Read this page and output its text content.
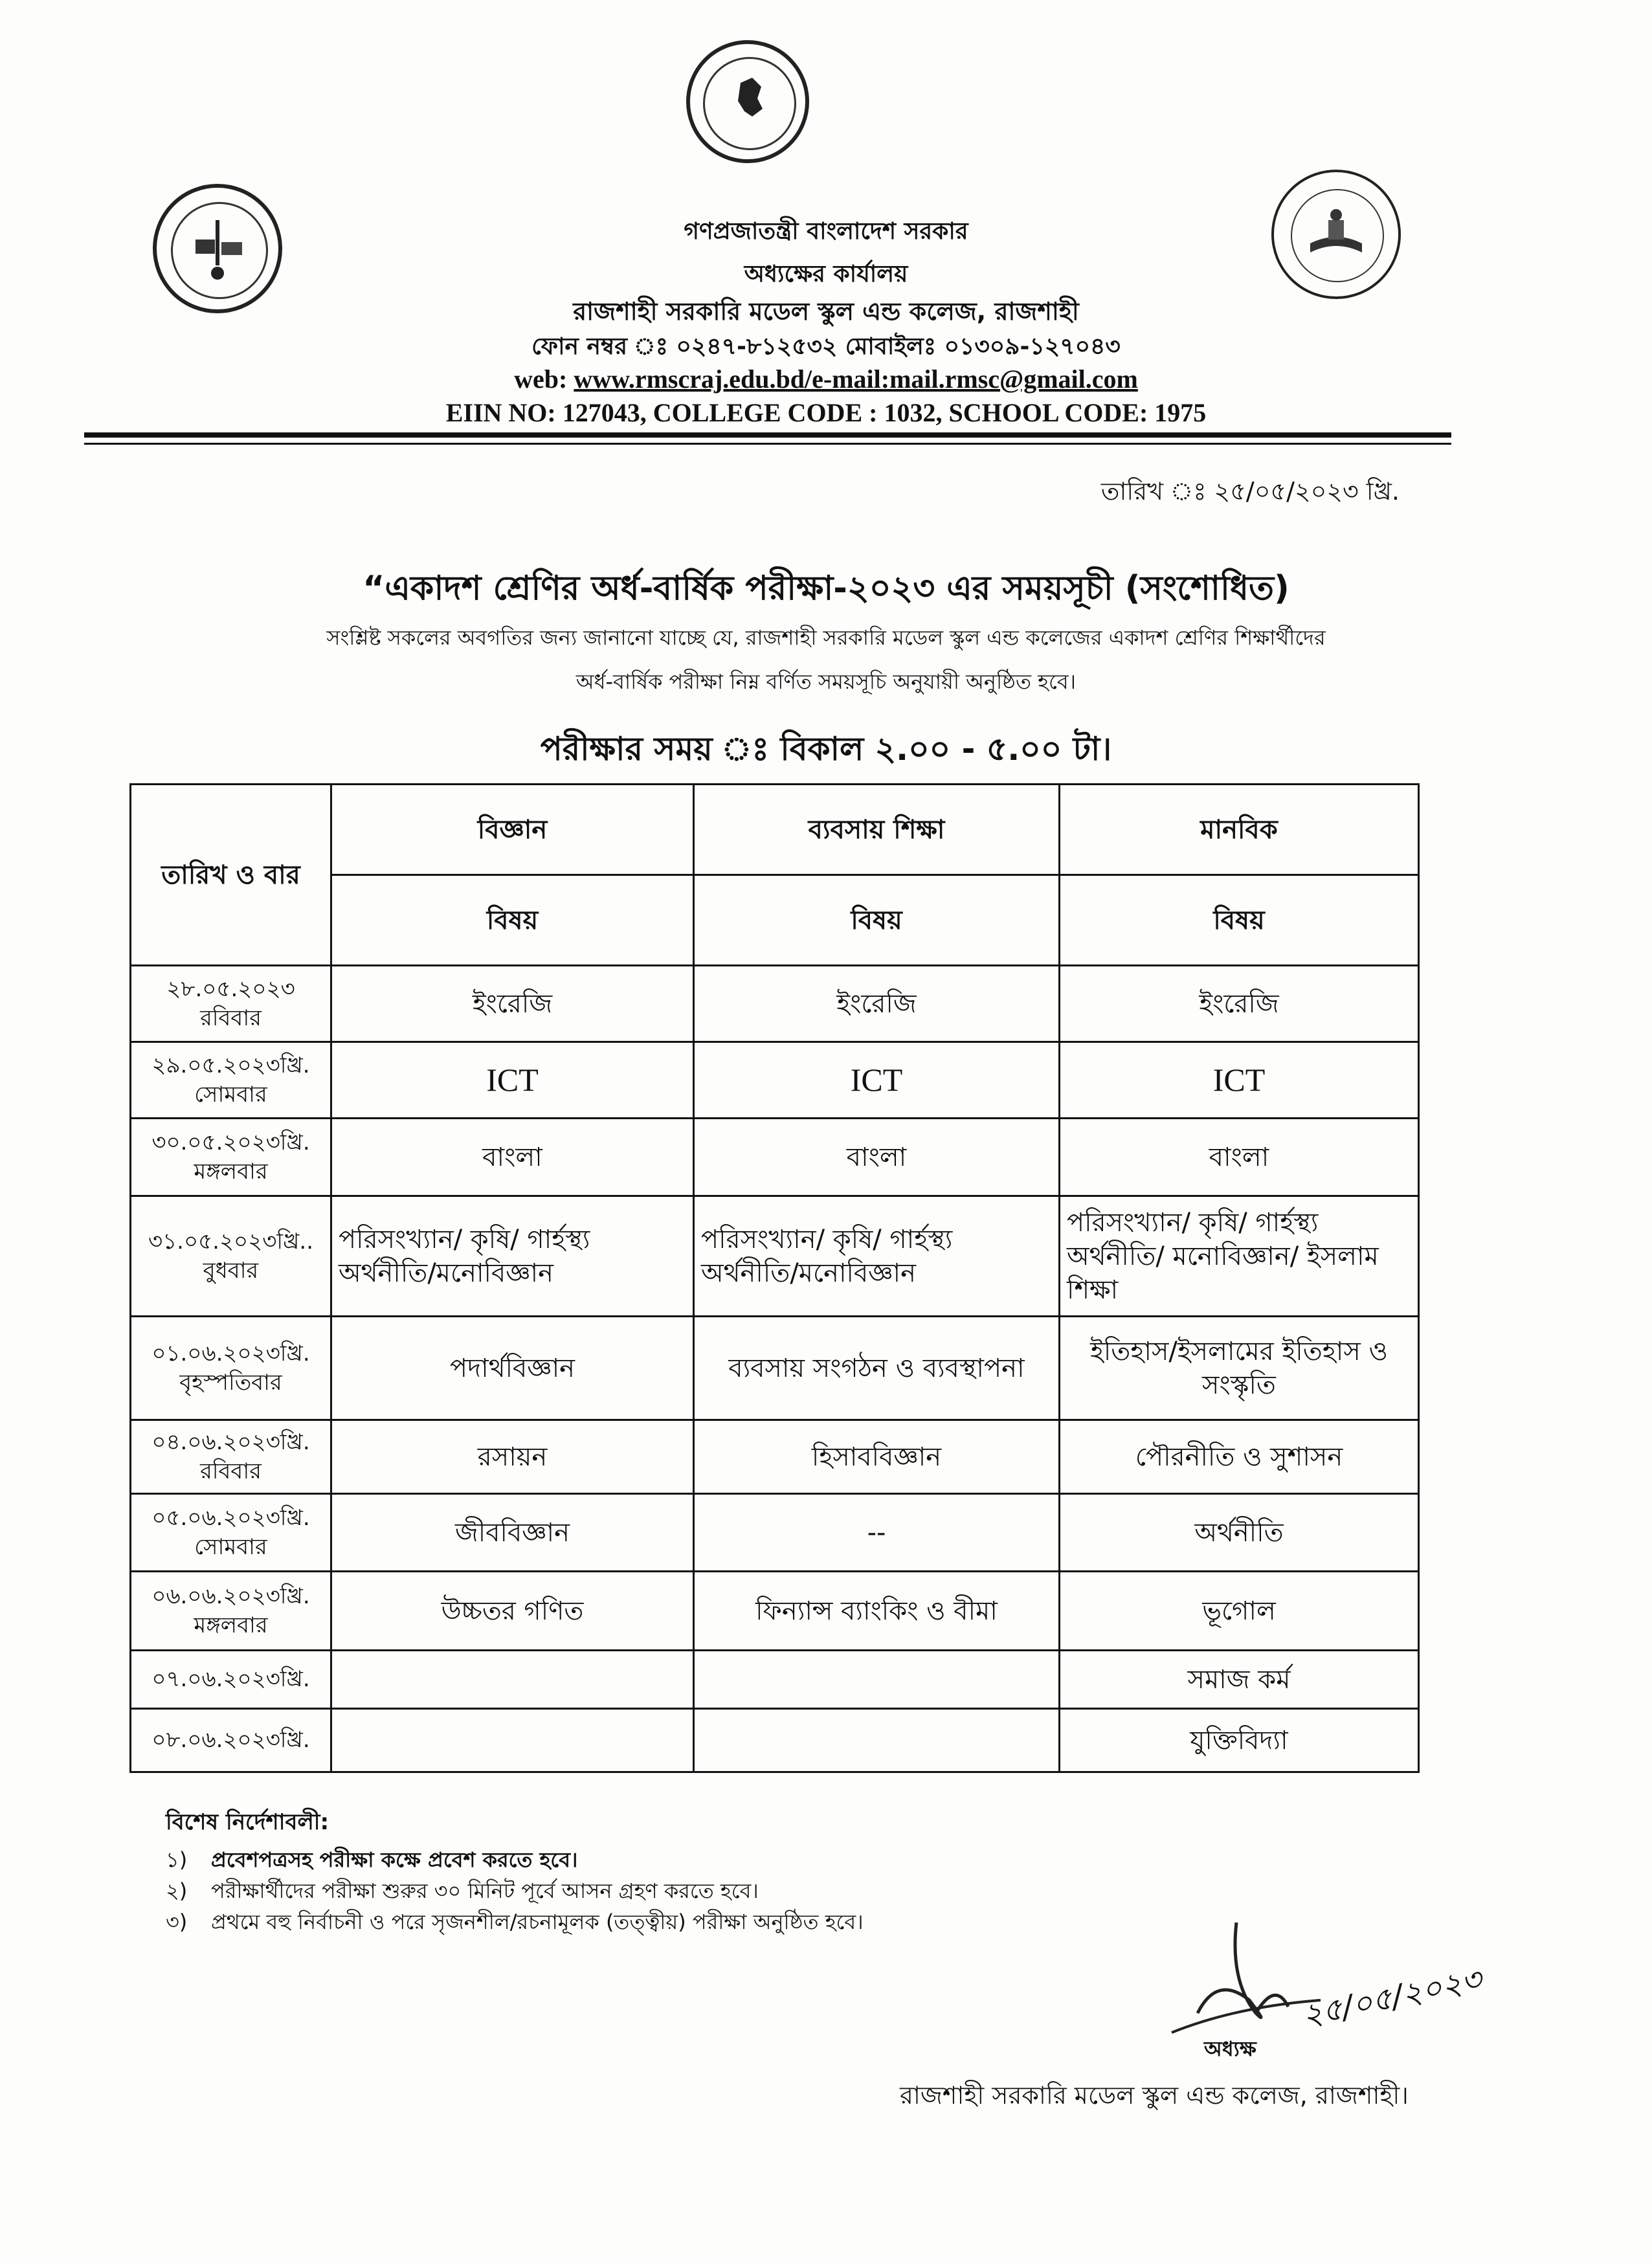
গণপ্রজাতন্ত্রী বাংলাদেশ সরকার
অধ্যক্ষের কার্যালয়
রাজশাহী সরকারি মডেল স্কুল এন্ড কলেজ, রাজশাহী
ফোন নম্বর ঃ ০২৪৭-৮১২৫৩২ মোবাইলঃ ০১৩০৯-১২৭০৪৩
web: www.rmscraj.edu.bd/e-mail:mail.rmsc@gmail.com
EIIN NO: 127043, COLLEGE CODE : 1032, SCHOOL CODE: 1975
তারিখ ঃ ২৫/০৫/২০২৩ খ্রি.
“একাদশ শ্রেণির অর্ধ-বার্ষিক পরীক্ষা-২০২৩ এর সময়সূচী (সংশোধিত)
সংশ্লিষ্ট সকলের অবগতির জন্য জানানো যাচ্ছে যে, রাজশাহী সরকারি মডেল স্কুল এন্ড কলেজের একাদশ শ্রেণির শিক্ষার্থীদের
অর্ধ-বার্ষিক পরীক্ষা নিম্ন বর্ণিত সময়সূচি অনুযায়ী অনুষ্ঠিত হবে।
পরীক্ষার সময় ঃ বিকাল ২.০০ - ৫.০০ টা।
তারিখ ও বার	বিজ্ঞান	ব্যবসায় শিক্ষা	মানবিক
	বিষয়	বিষয়	বিষয়

২৮.০৫.২০২৩
রবিবার	ইংরেজি	ইংরেজি	ইংরেজি

২৯.০৫.২০২৩খ্রি.
সোমবার	ICT	ICT	ICT

৩০.০৫.২০২৩খ্রি.
মঙ্গলবার	বাংলা	বাংলা	বাংলা

৩১.০৫.২০২৩খ্রি..
বুধবার	পরিসংখ্যান/ কৃষি/ গার্হস্থ্য অর্থনীতি/মনোবিজ্ঞান	পরিসংখ্যান/ কৃষি/ গার্হস্থ্য অর্থনীতি/মনোবিজ্ঞান	পরিসংখ্যান/ কৃষি/ গার্হস্থ্য অর্থনীতি/ মনোবিজ্ঞান/ ইসলাম শিক্ষা

০১.০৬.২০২৩খ্রি.
বৃহস্পতিবার	পদার্থবিজ্ঞান	ব্যবসায় সংগঠন ও ব্যবস্থাপনা	ইতিহাস/ইসলামের ইতিহাস ও সংস্কৃতি

০৪.০৬.২০২৩খ্রি.
রবিবার	রসায়ন	হিসাববিজ্ঞান	পৌরনীতি ও সুশাসন

০৫.০৬.২০২৩খ্রি.
সোমবার	জীববিজ্ঞান	--	অর্থনীতি

০৬.০৬.২০২৩খ্রি.
মঙ্গলবার	উচ্চতর গণিত	ফিন্যান্স ব্যাংকিং ও বীমা	ভূগোল

০৭.০৬.২০২৩খ্রি.			সমাজ কর্ম

০৮.০৬.২০২৩খ্রি.			যুক্তিবিদ্যা
বিশেষ নির্দেশাবলী:
১) প্রবেশপত্রসহ পরীক্ষা কক্ষে প্রবেশ করতে হবে।
২) পরীক্ষার্থীদের পরীক্ষা শুরুর ৩০ মিনিট পূর্বে আসন গ্রহণ করতে হবে।
৩) প্রথমে বহু নির্বাচনী ও পরে সৃজনশীল/রচনামূলক (তত্ত্বীয়) পরীক্ষা অনুষ্ঠিত হবে।
২৫/০৫/২০২৩
অধ্যক্ষ
রাজশাহী সরকারি মডেল স্কুল এন্ড কলেজ, রাজশাহী।
